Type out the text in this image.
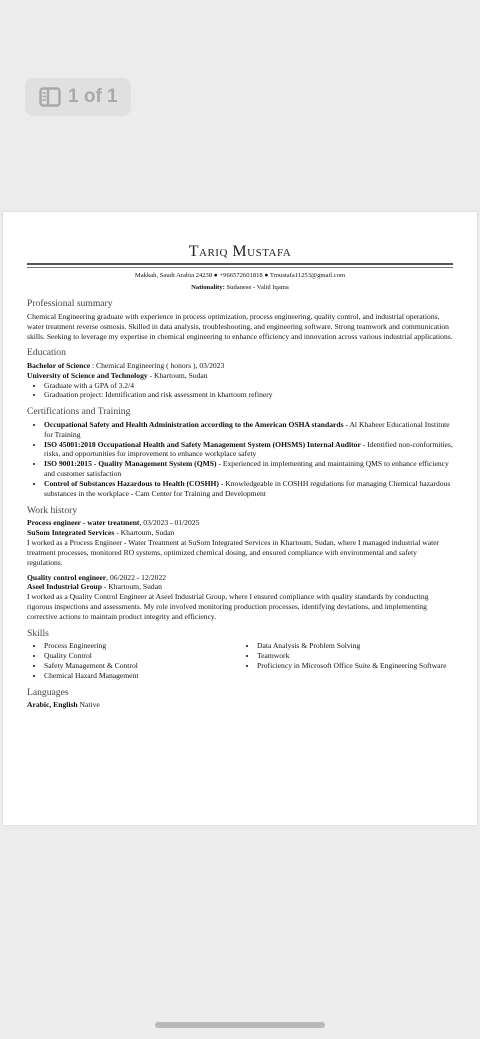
1 of 1
Tariq Mustafa
Makkah, Saudi Arabia 24238 ● +966572601818 ● Tmustafa11253@gmail.com
Nationality: Sudanese - Valid Iqama
Professional summary

Chemical Engineering graduate with experience in process optimization, process engineering, quality control, and industrial operations, water treatment reverse osmosis. Skilled in data analysis, troubleshooting, and engineering software. Strong teamwork and communication skills. Seeking to leverage my expertise in chemical engineering to enhance efficiency and innovation across various industrial applications.

Education
Bachelor of Science : Chemical Engineering ( honors ), 03/2023
University of Science and Technology - Khartoum, Sudan
• Graduate with a GPA of 3.2/4
• Graduation project: Identification and risk assessment in khartoum refinery
Certifications and Training
• Occupational Safety and Health Administration according to the American OSHA standards - Al Khabeer Educational Institute for Training
• ISO 45001:2018 Occupational Health and Safety Management System (OHSMS) Internal Auditor - Identified non-conformities, risks, and opportunities for improvement to enhance workplace safety
• ISO 9001:2015 - Quality Management System (QMS) - Experienced in implementing and maintaining QMS to enhance efficiency and customer satisfaction
• Control of Substances Hazardous to Health (COSHH) - Knowledgeable in COSHH regulations for managing Chemical hazardous substances in the workplace - Cam Center for Training and Development
Work history
Process engineer - water treatment, 03/2023 - 01/2025
SuSom Integrated Services - Khartoum, Sudan

I worked as a Process Engineer - Water Treatment at SuSom Integrated Services in Khartoum, Sudan, where I managed industrial water treatment processes, monitored RO systems, optimized chemical dosing, and ensured compliance with environmental and safety regulations.

Quality control engineer, 06/2022 - 12/2022
Aseel Industrial Group - Khartoum, Sudan

I worked as a Quality Control Engineer at Aseel Industrial Group, where I ensured compliance with quality standards by conducting rigorous inspections and assessments. My role involved monitoring production processes, identifying deviations, and implementing corrective actions to maintain product integrity and efficiency.

Skills
• Process Engineering
• Quality Control
• Safety Management & Control
• Chemical Hazard Management
• Data Analysis & Problem Solving
• Teamwork
• Proficiency in Microsoft Office Suite & Engineering Software
Languages
Arabic, English Native
